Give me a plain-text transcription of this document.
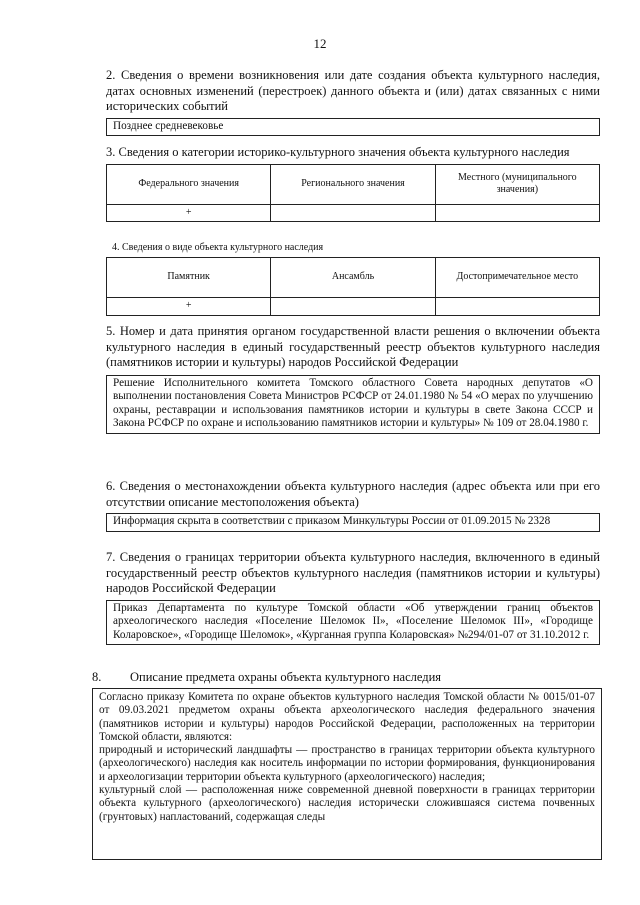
12
2. Сведения о времени возникновения или дате создания объекта культурного наследия, датах основных изменений (перестроек) данного объекта и (или) датах связанных с ними исторических событий
Позднее средневековье
3. Сведения о категории историко-культурного значения объекта культурного наследия
Федерального значения	Регионального значения	Местного (муниципального значения)
+		
4. Сведения о виде объекта культурного наследия
Памятник	Ансамбль	Достопримечательное место
+		
5. Номер и дата принятия органом государственной власти решения о включении объекта культурного наследия в единый государственный реестр объектов культурного наследия (памятников истории и культуры) народов Российской Федерации
Решение Исполнительного комитета Томского областного Совета народных депутатов «О выполнении постановления Совета Министров РСФСР от 24.01.1980 № 54 «О мерах по улучшению охраны, реставрации и использования памятников истории и культуры в свете Закона СССР и Закона РСФСР по охране и использованию памятников истории и культуры» № 109 от 28.04.1980 г.
6. Сведения о местонахождении объекта культурного наследия (адрес объекта или при его отсутствии описание местоположения объекта)
Информация скрыта в соответствии с приказом Минкультуры России от 01.09.2015 № 2328
7. Сведения о границах территории объекта культурного наследия, включенного в единый государственный реестр объектов культурного наследия (памятников истории и культуры) народов Российской Федерации
Приказ Департамента по культуре Томской области «Об утверждении границ объектов археологического наследия «Поселение Шеломок II», «Поселение Шеломок III», «Городище Коларовское», «Городище Шеломок», «Курганная группа Коларовская» №294/01-07 от 31.10.2012 г.
8. Описание предмета охраны объекта культурного наследия

Согласно приказу Комитета по охране объектов культурного наследия Томской области № 0015/01-07 от 09.03.2021 предметом охраны объекта археологического наследия федерального значения (памятников истории и культуры) народов Российской Федерации, расположенных на территории Томской области, являются:

природный и исторический ландшафты — пространство в границах территории объекта культурного (археологического) наследия как носитель информации по истории формирования, функционирования и археологизации территории объекта культурного (археологического) наследия;

культурный слой — расположенная ниже современной дневной поверхности в границах территории объекта культурного (археологического) наследия исторически сложившаяся система почвенных (грунтовых) напластований, содержащая следы
